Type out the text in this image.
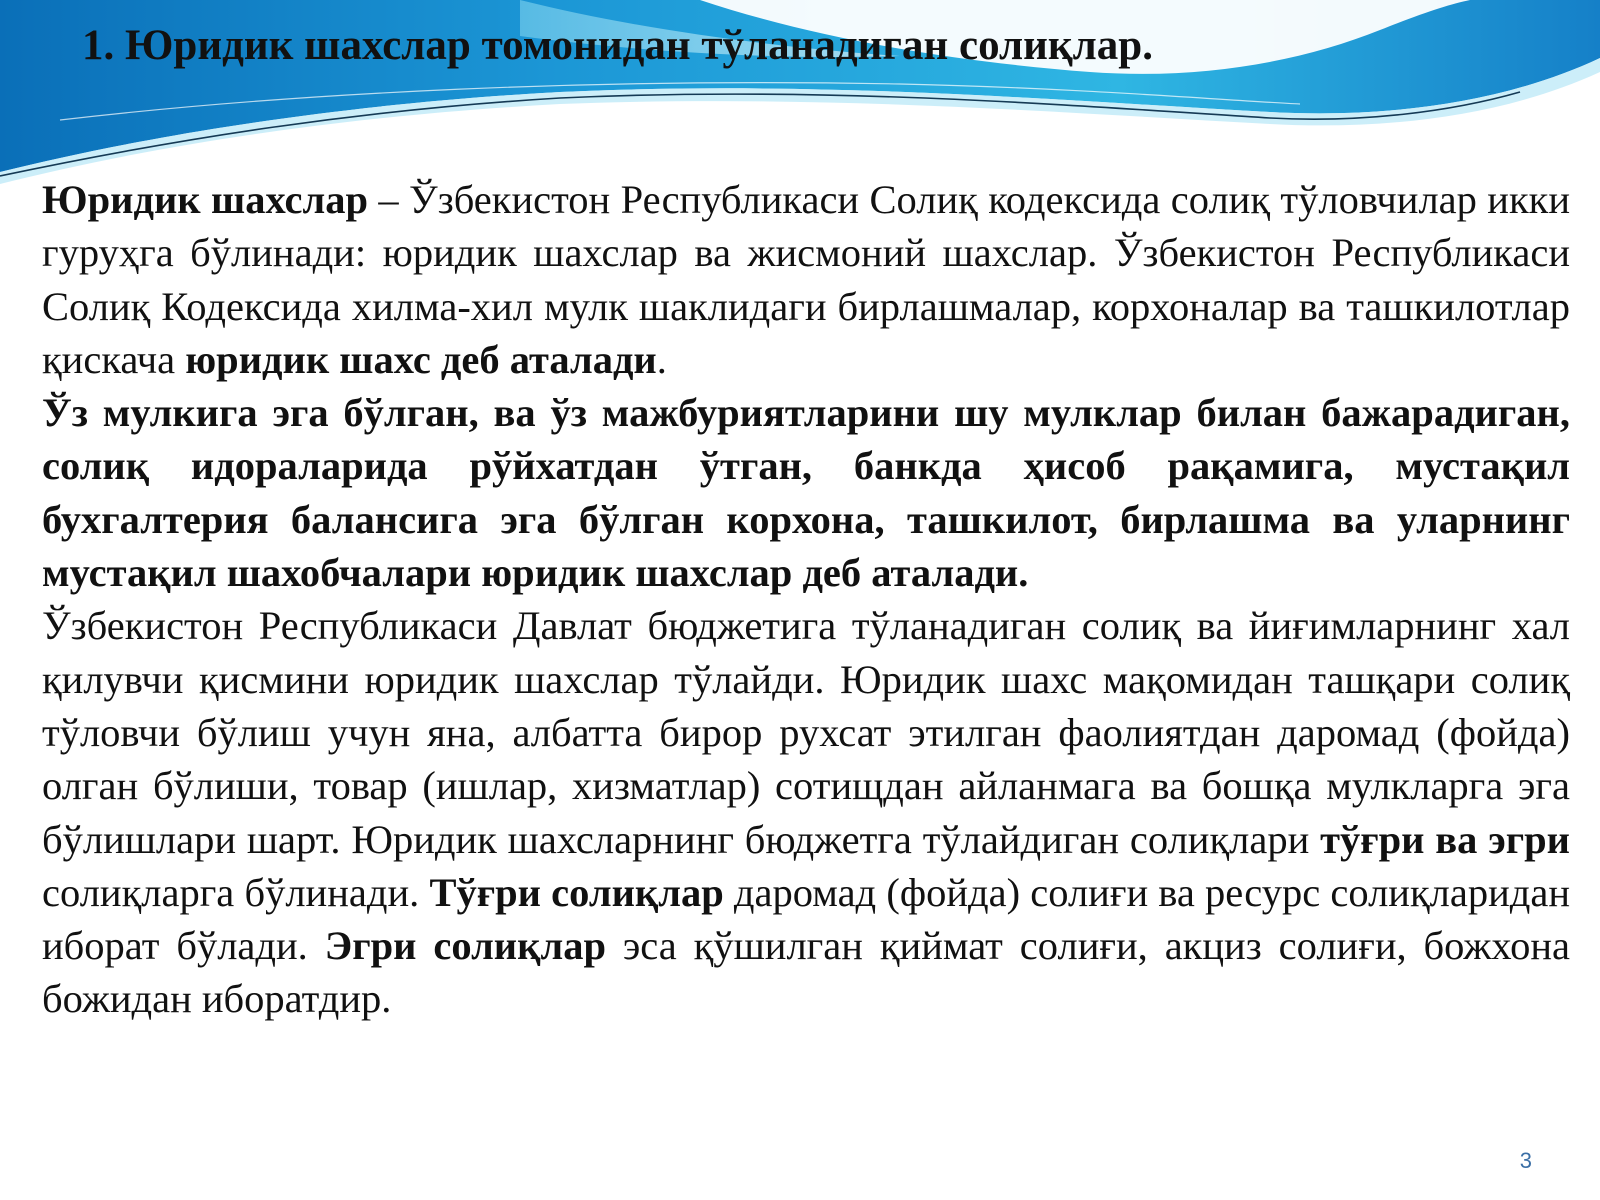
1. Юридик шахслар томонидан тўланадиган солиқлар.

Юридик шахслар – Ўзбекистон Республикаси Солиқ кодексида солиқ тўловчилар икки гуруҳга бўлинади: юридик шахслар ва жисмоний шахслар. Ўзбекистон Республикаси Солиқ Кодексида хилма-хил мулк шаклидаги бирлашмалар, корхоналар ва ташкилотлар қискача юридик шахс деб аталади.

Ўз мулкига эга бўлган, ва ўз мажбуриятларини шу мулклар билан бажарадиган, солиқ идораларида рўйхатдан ўтган, банкда ҳисоб рақамига, мустақил бухгалтерия балансига эга бўлган корхона, ташкилот, бирлашма ва уларнинг мустақил шахобчалари юридик шахслар деб аталади.

Ўзбекистон Республикаси Давлат бюджетига тўланадиган солиқ ва йиғимларнинг хал қилувчи қисмини юридик шахслар тўлайди. Юридик шахс мақомидан ташқари солиқ тўловчи бўлиш учун яна, албатта бирор рухсат этилган фаолиятдан даромад (фойда) олган бўлиши, товар (ишлар, хизматлар) сотищдан айланмага ва бошқа мулкларга эга бўлишлари шарт. Юридик шахсларнинг бюджетга тўлайдиган солиқлари тўғри ва эгри солиқларга бўлинади. Тўғри солиқлар даромад (фойда) солиғи ва ресурс солиқларидан иборат бўлади. Эгри солиқлар эса қўшилган қиймат солиғи, акциз солиғи, божхона божидан иборатдир.

3
